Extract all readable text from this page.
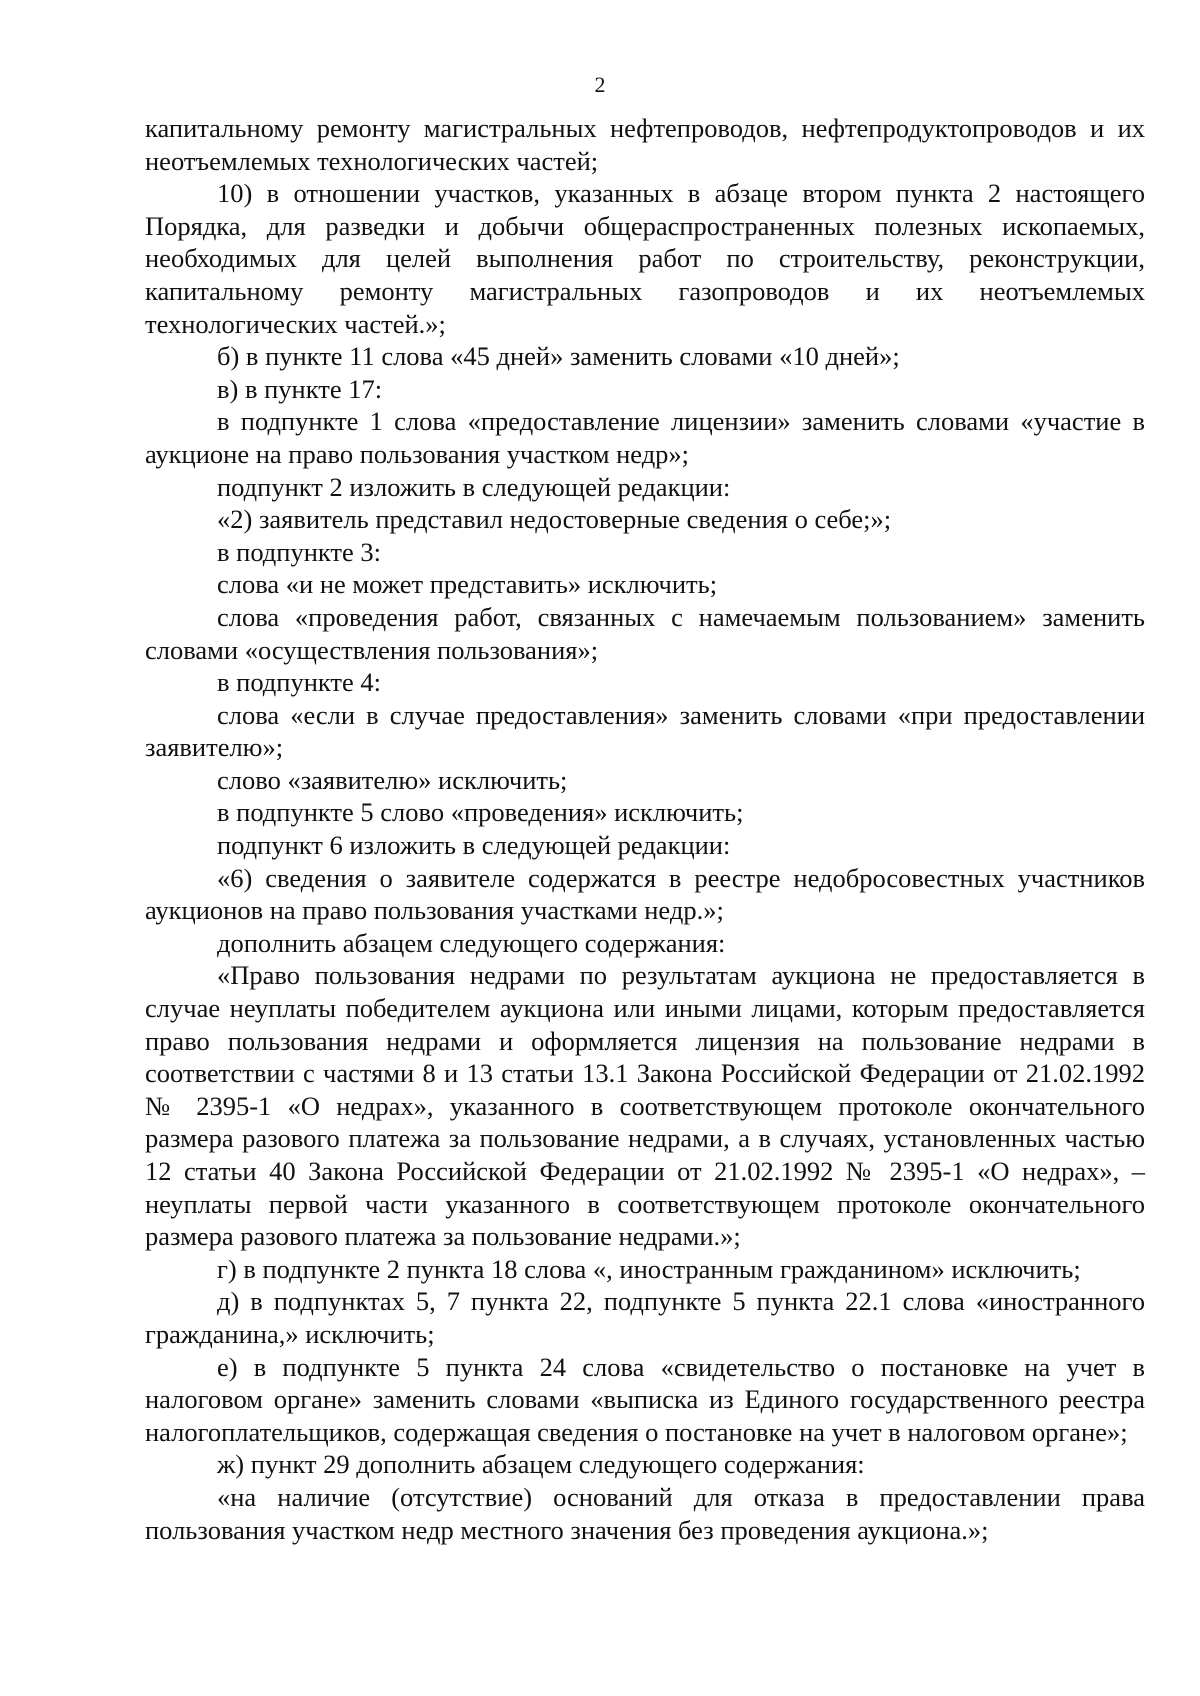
2

капитальному ремонту магистральных нефтепроводов, нефтепродуктопроводов и их неотъемлемых технологических частей;

10) в отношении участков, указанных в абзаце втором пункта 2 настоящего Порядка, для разведки и добычи общераспространенных полезных ископаемых, необходимых для целей выполнения работ по строительству, реконструкции, капитальному ремонту магистральных газопроводов и их неотъемлемых технологических частей.»;

б) в пункте 11 слова «45 дней» заменить словами «10 дней»;

в) в пункте 17:

в подпункте 1 слова «предоставление лицензии» заменить словами «участие в аукционе на право пользования участком недр»;

подпункт 2 изложить в следующей редакции:

«2) заявитель представил недостоверные сведения о себе;»;

в подпункте 3:

слова «и не может представить» исключить;

слова «проведения работ, связанных с намечаемым пользованием» заменить словами «осуществления пользования»;

в подпункте 4:

слова «если в случае предоставления» заменить словами «при предоставлении заявителю»;

слово «заявителю» исключить;

в подпункте 5 слово «проведения» исключить;

подпункт 6 изложить в следующей редакции:

«6) сведения о заявителе содержатся в реестре недобросовестных участников аукционов на право пользования участками недр.»;

дополнить абзацем следующего содержания:

«Право пользования недрами по результатам аукциона не предоставляется в случае неуплаты победителем аукциона или иными лицами, которым предоставляется право пользования недрами и оформляется лицензия на пользование недрами в соответствии с частями 8 и 13 статьи 13.1 Закона Российской Федерации от 21.02.1992 № 2395-1 «О недрах», указанного в соответствующем протоколе окончательного размера разового платежа за пользование недрами, а в случаях, установленных частью 12 статьи 40 Закона Российской Федерации от 21.02.1992 № 2395-1 «О недрах», – неуплаты первой части указанного в соответствующем протоколе окончательного размера разового платежа за пользование недрами.»;

г) в подпункте 2 пункта 18 слова «, иностранным гражданином» исключить;

д) в подпунктах 5, 7 пункта 22, подпункте 5 пункта 22.1 слова «иностранного гражданина,» исключить;

е) в подпункте 5 пункта 24 слова «свидетельство о постановке на учет в налоговом органе» заменить словами «выписка из Единого государственного реестра налогоплательщиков, содержащая сведения о постановке на учет в налоговом органе»;

ж) пункт 29 дополнить абзацем следующего содержания:

«на наличие (отсутствие) оснований для отказа в предоставлении права пользования участком недр местного значения без проведения аукциона.»;
